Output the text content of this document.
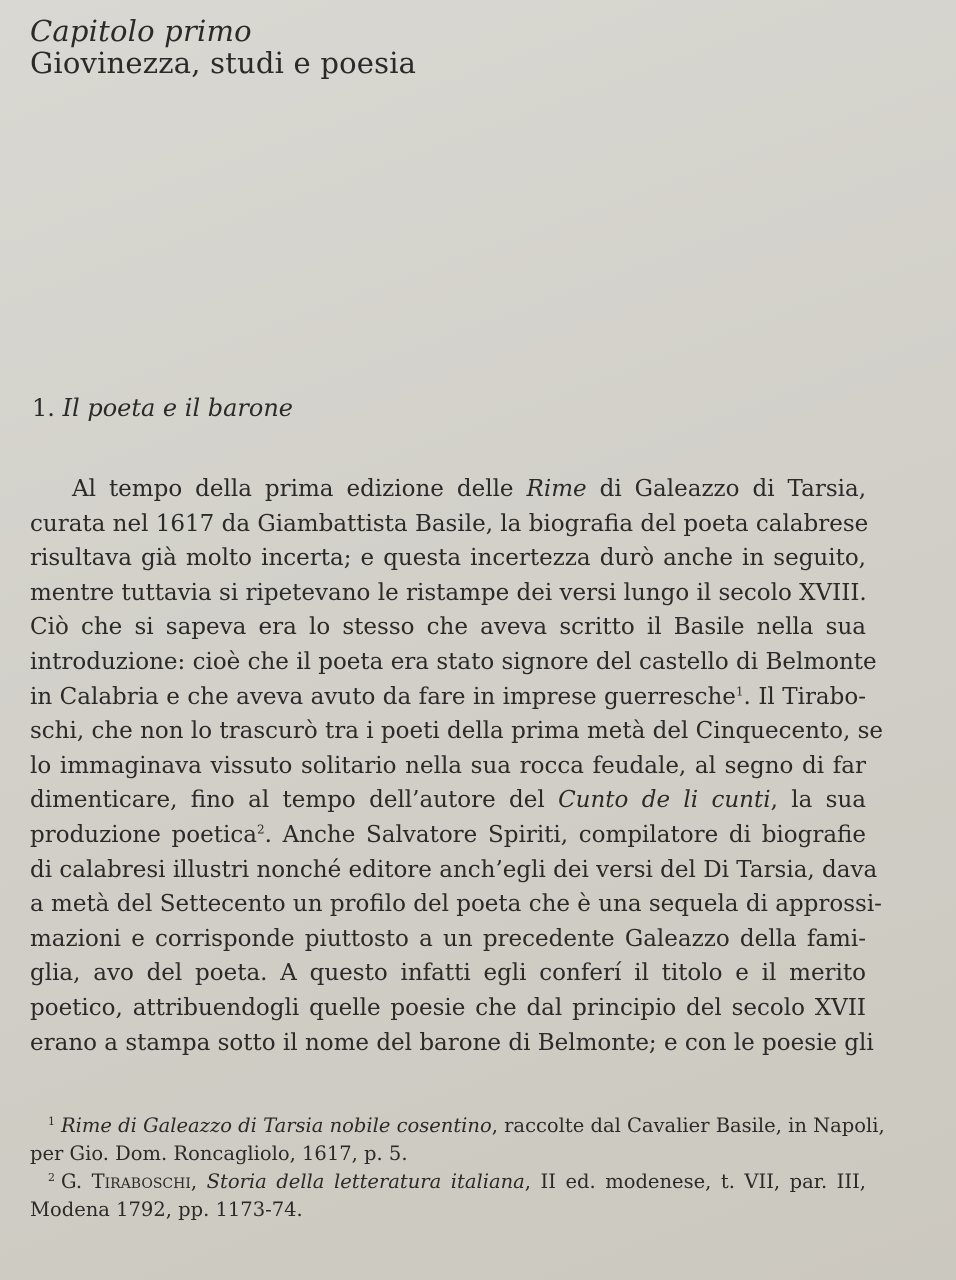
Capitolo primo
Giovinezza, studi e poesia
1. Il poeta e il barone
Al tempo della prima edizione delle Rime di Galeazzo di Tarsia,
curata nel 1617 da Giambattista Basile, la biografia del poeta calabrese
risultava già molto incerta; e questa incertezza durò anche in seguito,
mentre tuttavia si ripetevano le ristampe dei versi lungo il secolo XVIII.
Ciò che si sapeva era lo stesso che aveva scritto il Basile nella sua
introduzione: cioè che il poeta era stato signore del castello di Belmonte
in Calabria e che aveva avuto da fare in imprese guerresche$^1$. Il Tirabo-
schi, che non lo trascurò tra i poeti della prima metà del Cinquecento, se
lo immaginava vissuto solitario nella sua rocca feudale, al segno di far
dimenticare, fino al tempo dell’autore del Cunto de li cunti, la sua
produzione poetica$^2$. Anche Salvatore Spiriti, compilatore di biografie
di calabresi illustri nonché editore anch’egli dei versi del Di Tarsia, dava
a metà del Settecento un profilo del poeta che è una sequela di approssi-
mazioni e corrisponde piuttosto a un precedente Galeazzo della fami-
glia, avo del poeta. A questo infatti egli conferí il titolo e il merito
poetico, attribuendogli quelle poesie che dal principio del secolo XVII
erano a stampa sotto il nome del barone di Belmonte; e con le poesie gli
$^1$ Rime di Galeazzo di Tarsia nobile cosentino, raccolte dal Cavalier Basile, in Napoli,
per Gio. Dom. Roncagliolo, 1617, p. 5.
$^2$ G. Tiraboschi, Storia della letteratura italiana, II ed. modenese, t. VII, par. III,
Modena 1792, pp. 1173-74.
